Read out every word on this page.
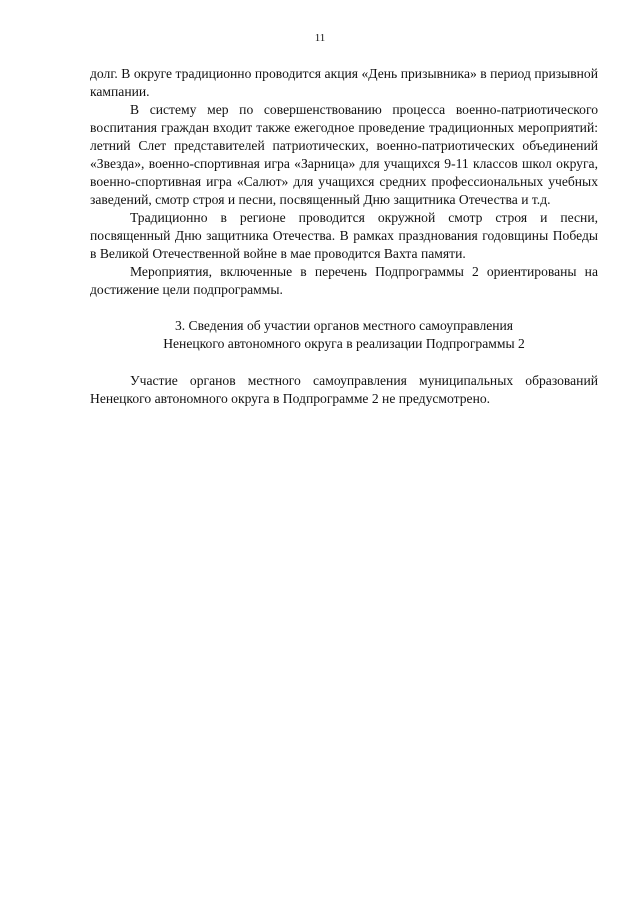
11

долг. В округе традиционно проводится акция «День призывника» в период призывной кампании.

В систему мер по совершенствованию процесса военно-патриотического воспитания граждан входит также ежегодное проведение традиционных мероприятий: летний Слет представителей патриотических, военно-патриотических объединений «Звезда», военно-спортивная игра «Зарница» для учащихся 9-11 классов школ округа, военно-спортивная игра «Салют» для учащихся средних профессиональных учебных заведений, смотр строя и песни, посвященный Дню защитника Отечества и т.д.

Традиционно в регионе проводится окружной смотр строя и песни, посвященный Дню защитника Отечества. В рамках празднования годовщины Победы в Великой Отечественной войне в мае проводится Вахта памяти.

Мероприятия, включенные в перечень Подпрограммы 2 ориентированы на достижение цели подпрограммы.

3. Сведения об участии органов местного самоуправления
Ненецкого автономного округа в реализации Подпрограммы 2

Участие органов местного самоуправления муниципальных образований Ненецкого автономного округа в Подпрограмме 2 не предусмотрено.
